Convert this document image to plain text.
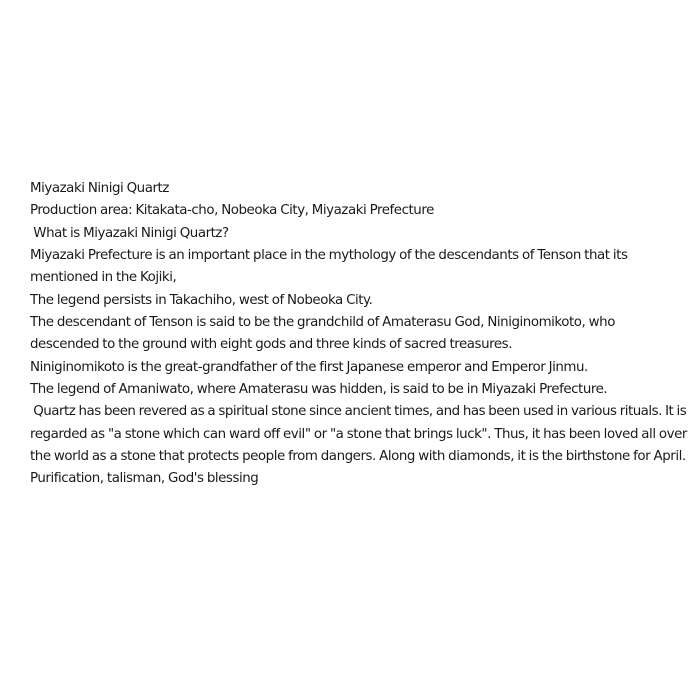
Miyazaki Ninigi Quartz
Production area: Kitakata-cho, Nobeoka City, Miyazaki Prefecture
What is Miyazaki Ninigi Quartz?
Miyazaki Prefecture is an important place in the mythology of the descendants of Tenson that its
mentioned in the Kojiki,
The legend persists in Takachiho, west of Nobeoka City.
The descendant of Tenson is said to be the grandchild of Amaterasu God, Niniginomikoto, who
descended to the ground with eight gods and three kinds of sacred treasures.
Niniginomikoto is the great-grandfather of the first Japanese emperor and Emperor Jinmu.
The legend of Amaniwato, where Amaterasu was hidden, is said to be in Miyazaki Prefecture.
Quartz has been revered as a spiritual stone since ancient times, and has been used in various rituals. It is
regarded as "a stone which can ward off evil" or "a stone that brings luck". Thus, it has been loved all over
the world as a stone that protects people from dangers. Along with diamonds, it is the birthstone for April.
Purification, talisman, God's blessing
